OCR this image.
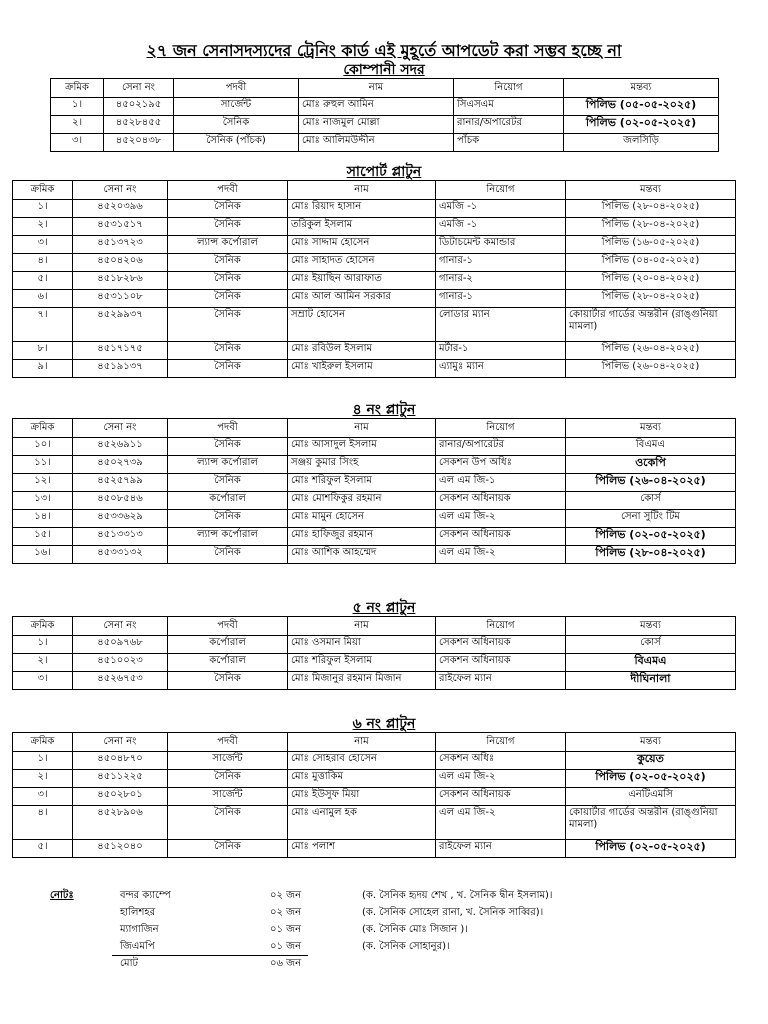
২৭ জন সেনাসদস্যদের ট্রেনিং কার্ড এই মুহূর্তে আপডেট করা সম্ভব হচ্ছে না
কোম্পানী সদর
ক্রমিক	সেনা নং	পদবী	নাম	নিয়োগ	মন্তব্য
১।	৪৫০২১৯৫	সার্জেন্ট	মোঃ রুহুল আমিন	সিএসএম	পিলিভ (০৫-০৫-২০২৫)
২।	৪৫২৮৪৫৫	সৈনিক	মোঃ নাজমুল মোল্লা	রানার/অপারেটর	পিলিভ (০২-০৫-২০২৫)
৩।	৪৫২০৪৩৮	সৈনিক (পাঁচক)	মোঃ আলিমউদ্দীন	পাঁচক	জলসিড়ি
সাপোর্ট প্লাটুন
ক্রমিক	সেনা নং	পদবী	নাম	নিয়োগ	মন্তব্য
১।	৪৫২০৩৯৬	সৈনিক	মোঃ রিয়াদ হাসান	এমজি -১	পিলিভ (২৮-০৪-২০২৫)
২।	৪৫৩১৫১৭	সৈনিক	তরিকুল ইসলাম	এমজি -১	পিলিভ (২৮-০৪-২০২৫)
৩।	৪৫১৩৭২৩	ল্যান্স কর্পোরাল	মোঃ সাদ্দাম হোসেন	ডিটাচমেন্ট কমান্ডার	পিলিভ (১৬-০৫-২০২৫)
৪।	৪৫০৪২০৬	সৈনিক	মোঃ সাহাদত হোসেন	গানার-১	পিলিভ (০৪-০৫-২০২৫)
৫।	৪৫১৮২৮৬	সৈনিক	মোঃ ইয়াছিন আরাফাত	গানার-২	পিলিভ (২০-০৪-২০২৫)
৬।	৪৫৩১১০৮	সৈনিক	মোঃ আল আমিন সরকার	গানার-১	পিলিভ (২৮-০৪-২০২৫)
৭।	৪৫২৯৯৩৭	সৈনিক	সম্রাট হোসেন	লোডার ম্যান	কোয়ার্টার গার্ডের অন্তরীন (রাঙ্গুনিয়া মামলা)
৮।	৪৫১৭১৭৫	সৈনিক	মোঃ রবিউল ইসলাম	মর্টার-১	পিলিভ (২৬-০৪-২০২৫)
৯।	৪৫১৯১৩৭	সৈনিক	মোঃ খাইরুল ইসলাম	এ্যামুঃ ম্যান	পিলিভ (২৬-০৪-২০২৫)
৪ নং প্লাটুন
ক্রমিক	সেনা নং	পদবী	নাম	নিয়োগ	মন্তব্য
১০।	৪৫২৬৯১১	সৈনিক	মোঃ আসাদুল ইসলাম	রানার/অপারেটর	বিএমএ
১১।	৪৫০২৭৩৯	ল্যান্স কর্পোরাল	সঞ্জয় কুমার সিংহ	সেকশন উপ অধিঃ	ওকেপি
১২।	৪৫২৫৭৯৯	সৈনিক	মোঃ শরিফুল ইসলাম	এল এম জি-১	পিলিভ (২৬-০৪-২০২৫)
১৩।	৪৫০৮৫৪৬	কর্পোরাল	মোঃ মোশফিকুর রহমান	সেকশন অধিনায়ক	কোর্স
১৪।	৪৫৩৩৬২৯	সৈনিক	মোঃ মামুন হোসেন	এল এম জি-২	সেনা সুটিং টিম
১৫।	৪৫১৩৩১৩	ল্যান্স কর্পোরাল	মোঃ হাফিজুর রহমান	সেকশন অধিনায়ক	পিলিভ (০২-০৫-২০২৫)
১৬।	৪৫৩৩১৩২	সৈনিক	মোঃ আশিক আহম্মেদ	এল এম জি-২	পিলিভ (২৮-০৪-২০২৫)
৫ নং প্লাটুন
ক্রমিক	সেনা নং	পদবী	নাম	নিয়োগ	মন্তব্য
১।	৪৫০৯৭৬৮	কর্পোরাল	মোঃ ওসমান মিয়া	সেকশন অধিনায়ক	কোর্স
২।	৪৫১০০২৩	কর্পোরাল	মোঃ শরিফুল ইসলাম	সেকশন অধিনায়ক	বিএমএ
৩।	৪৫২৬৭৫৩	সৈনিক	মোঃ মিজানুর রহমান মিজান	রাইফেল ম্যান	দীঘিনালা
৬ নং প্লাটুন
ক্রমিক	সেনা নং	পদবী	নাম	নিয়োগ	মন্তব্য
১।	৪৫০৪৮৭০	সার্জেন্ট	মোঃ সোহরাব হোসেন	সেকশন অধিঃ	কুয়েত
২।	৪৫১১২২৫	সৈনিক	মোঃ মুত্তাকিম	এল এম জি-২	পিলিভ (০২-০৫-২০২৫)
৩।	৪৫০২৮০১	সার্জেন্ট	মোঃ ইউসুফ মিয়া	সেকশন অধিনায়ক	এনটিএমসি
৪।	৪৫২৮৯০৬	সৈনিক	মোঃ এনামুল হক	এল এম জি-২	কোয়ার্টার গার্ডের অন্তরীন (রাঙ্গুনিয়া মামলা)
৫।	৪৫১২০৪০	সৈনিক	মোঃ পলাশ	রাইফেল ম্যান	পিলিভ (০২-০৫-২০২৫)
নোটঃ	বন্দর ক্যাম্পে	০২ জন	(ক. সৈনিক হৃদয় শেখ , খ. সৈনিক দ্বীন ইসলাম)।
হালিশহর	০২ জন	(ক. সৈনিক সোহেল রানা, খ. সৈনিক সাব্বির)।
ম্যাগাজিন	০১ জন	(ক. সৈনিক মোঃ সিজান )।
জিএমপি	০১ জন	(ক. সৈনিক সোহানুর)।
মোট	০৬ জন
